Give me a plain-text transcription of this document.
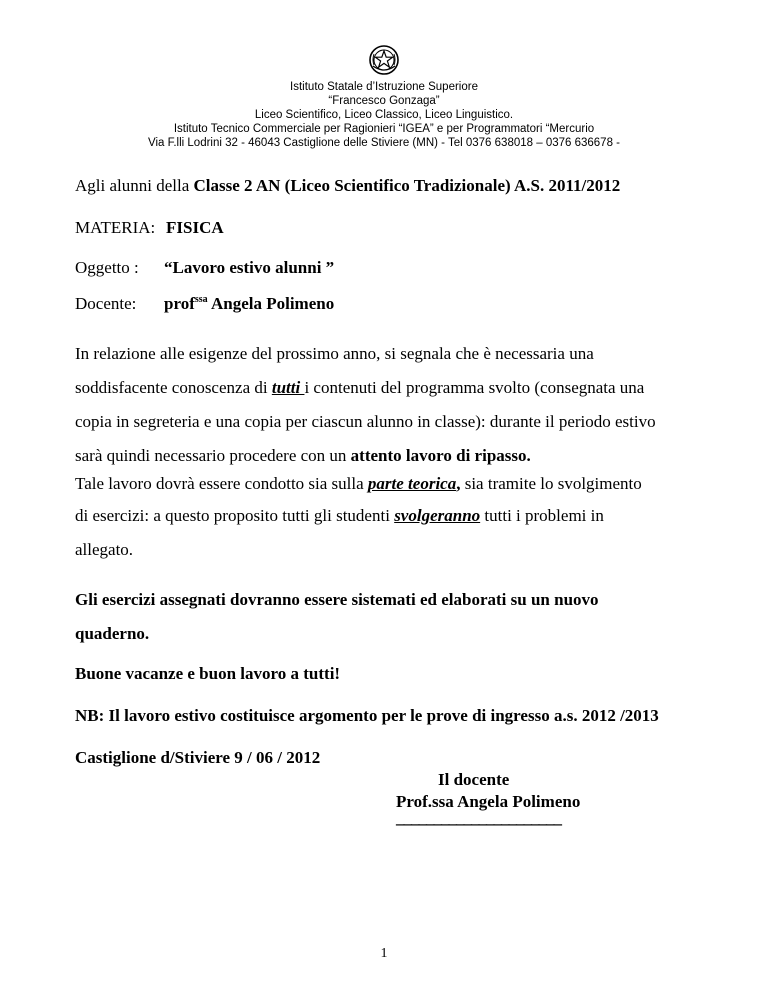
Istituto Statale d’Istruzione Superiore
“Francesco Gonzaga”
Liceo Scientifico, Liceo Classico, Liceo Linguistico.
Istituto Tecnico Commerciale per Ragionieri “IGEA” e per Programmatori “Mercurio
Via F.lli Lodrini 32 - 46043 Castiglione delle Stiviere (MN) - Tel 0376 638018 – 0376 636678 -
Agli alunni della Classe 2 AN (Liceo Scientifico Tradizionale) A.S. 2011/2012
MATERIA: FISICA
Oggetto : “Lavoro estivo alunni ”
Docente: prof$^{ssa}$ Angela Polimeno
In relazione alle esigenze del prossimo anno, si segnala che è necessaria una
soddisfacente conoscenza di tutti i contenuti del programma svolto (consegnata una
copia in segreteria e una copia per ciascun alunno in classe): durante il periodo estivo
sarà quindi necessario procedere con un attento lavoro di ripasso.
Tale lavoro dovrà essere condotto sia sulla parte teorica, sia tramite lo svolgimento
di esercizi: a questo proposito tutti gli studenti svolgeranno tutti i problemi in
allegato.
Gli esercizi assegnati dovranno essere sistemati ed elaborati su un nuovo
quaderno.
Buone vacanze e buon lavoro a tutti!
NB: Il lavoro estivo costituisce argomento per le prove di ingresso a.s. 2012 /2013
Castiglione d/Stiviere 9 / 06 / 2012
Il docente
Prof.ssa Angela Polimeno
______________________
1
